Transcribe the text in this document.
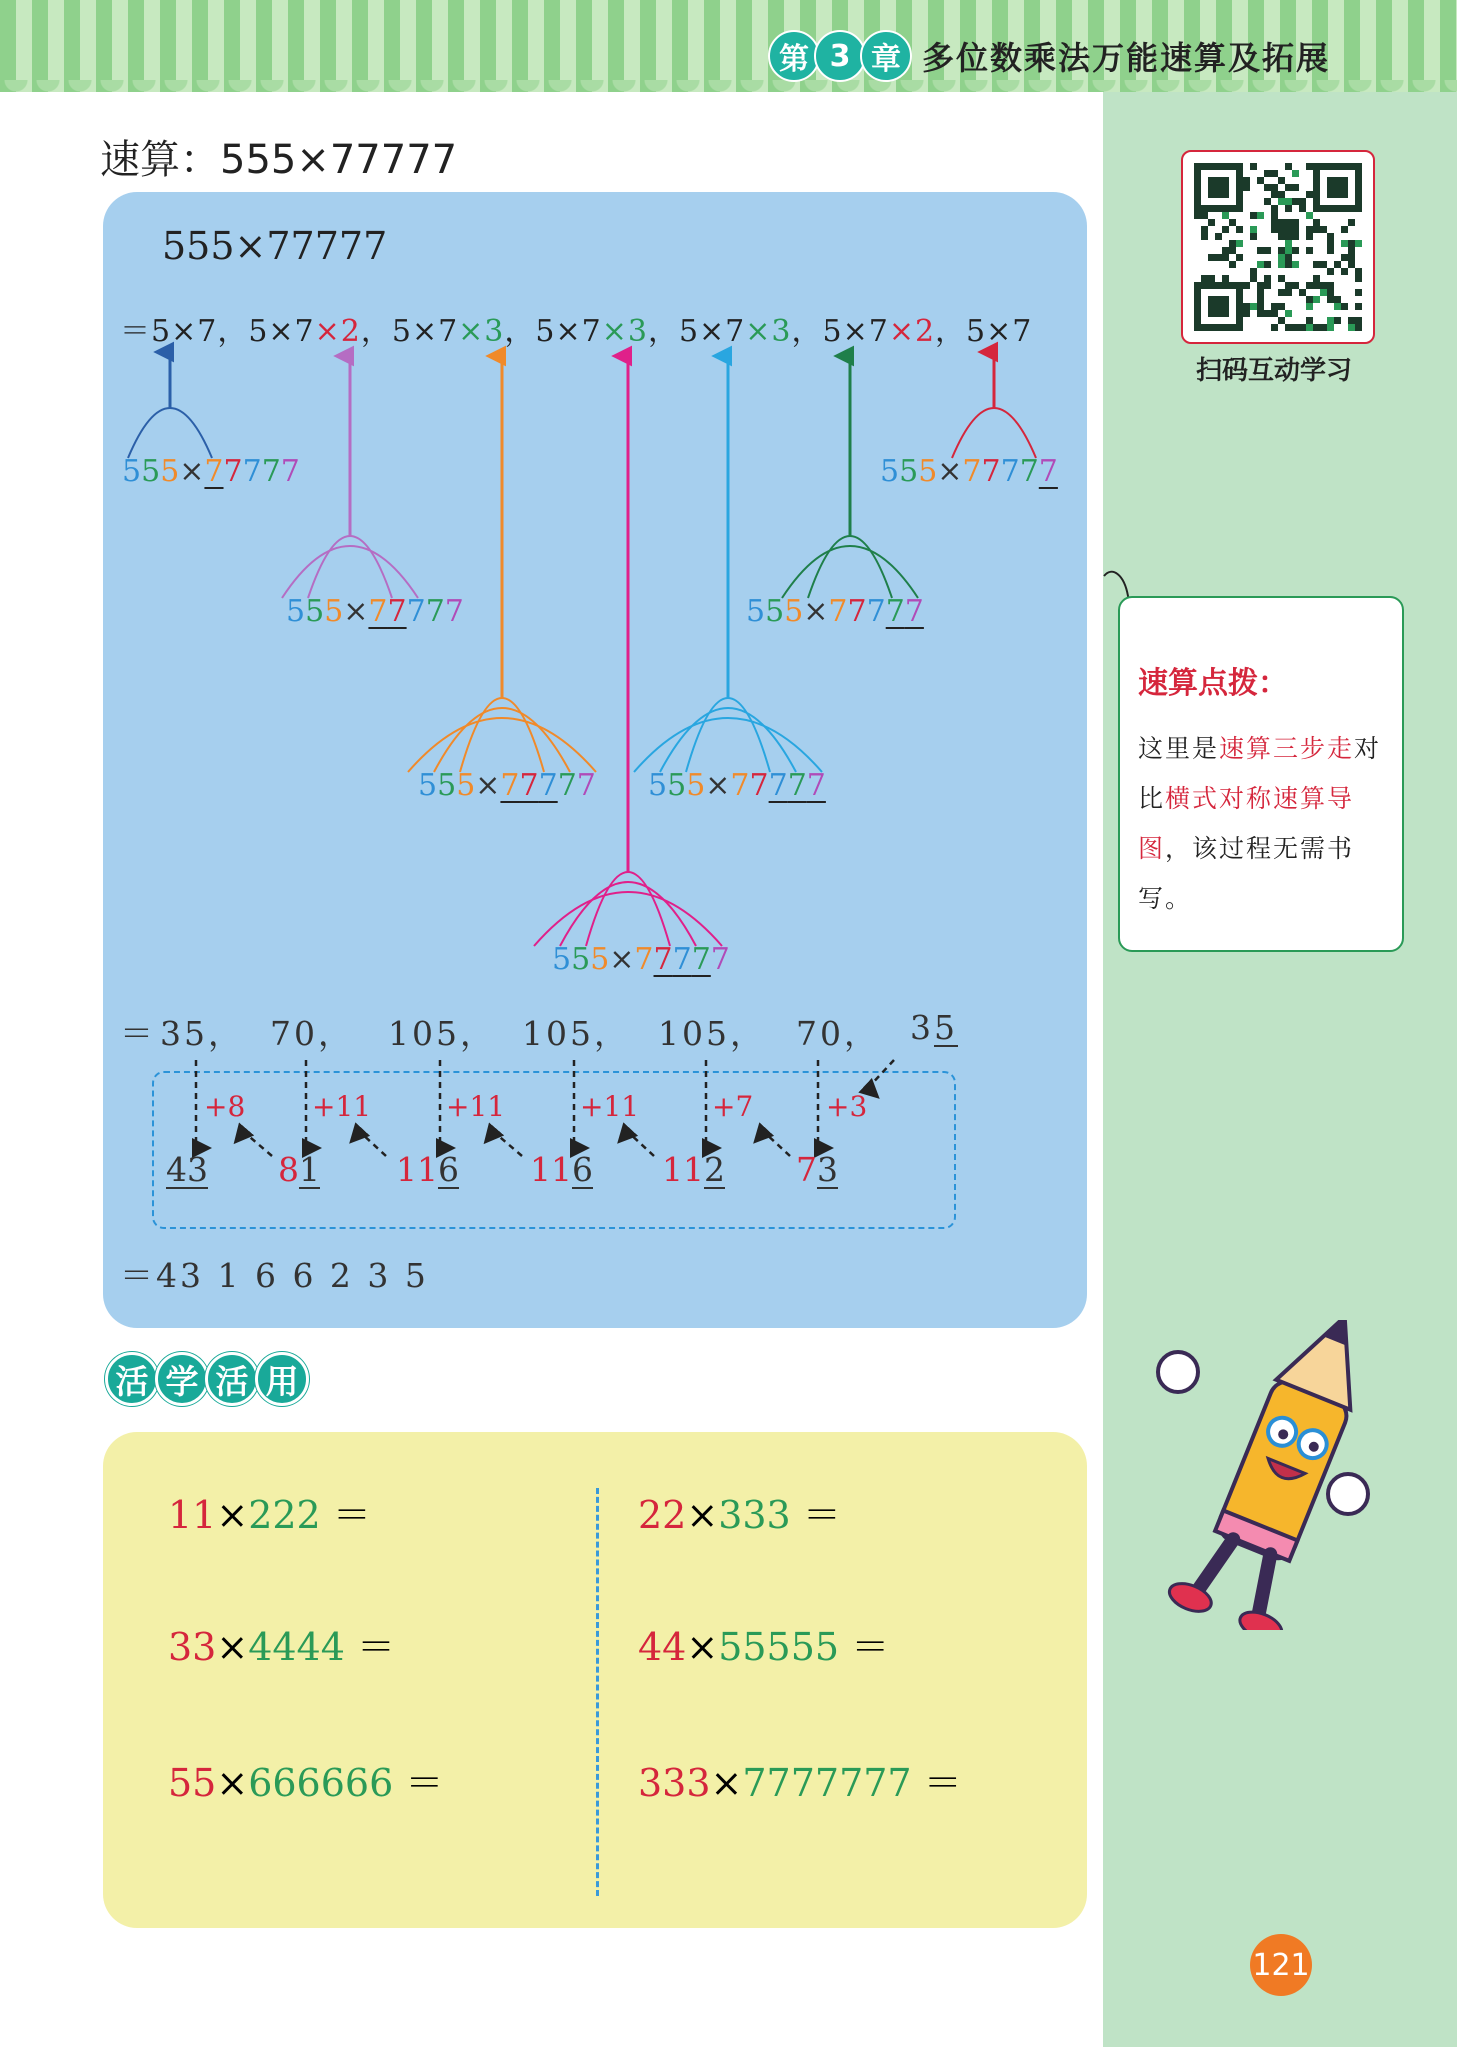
第 3 章 多位数乘法万能速算及拓展
速算：555×77777
555×77777
＝5×7，5×7×2，5×7×3，5×7×3，5×7×3，5×7×2，5×7
555×77777
555×77777
555×77777
555×77777
555×77777
555×77777
555×77777
＝ 35， 70， 105， 105， 105， 70， 35
+8 +11	+11	+11	+7	+3
43 81 116 116 112 73
＝43 1 6 6 2 3 5
活 学 活 用
11×222 ＝	22×333 ＝
33×4444 ＝	44×55555 ＝
55×666666 ＝	333×7777777 ＝
扫码互动学习
速算点拨：
这里是速算三步走对比横式对称速算导图，该过程无需书写。
121
